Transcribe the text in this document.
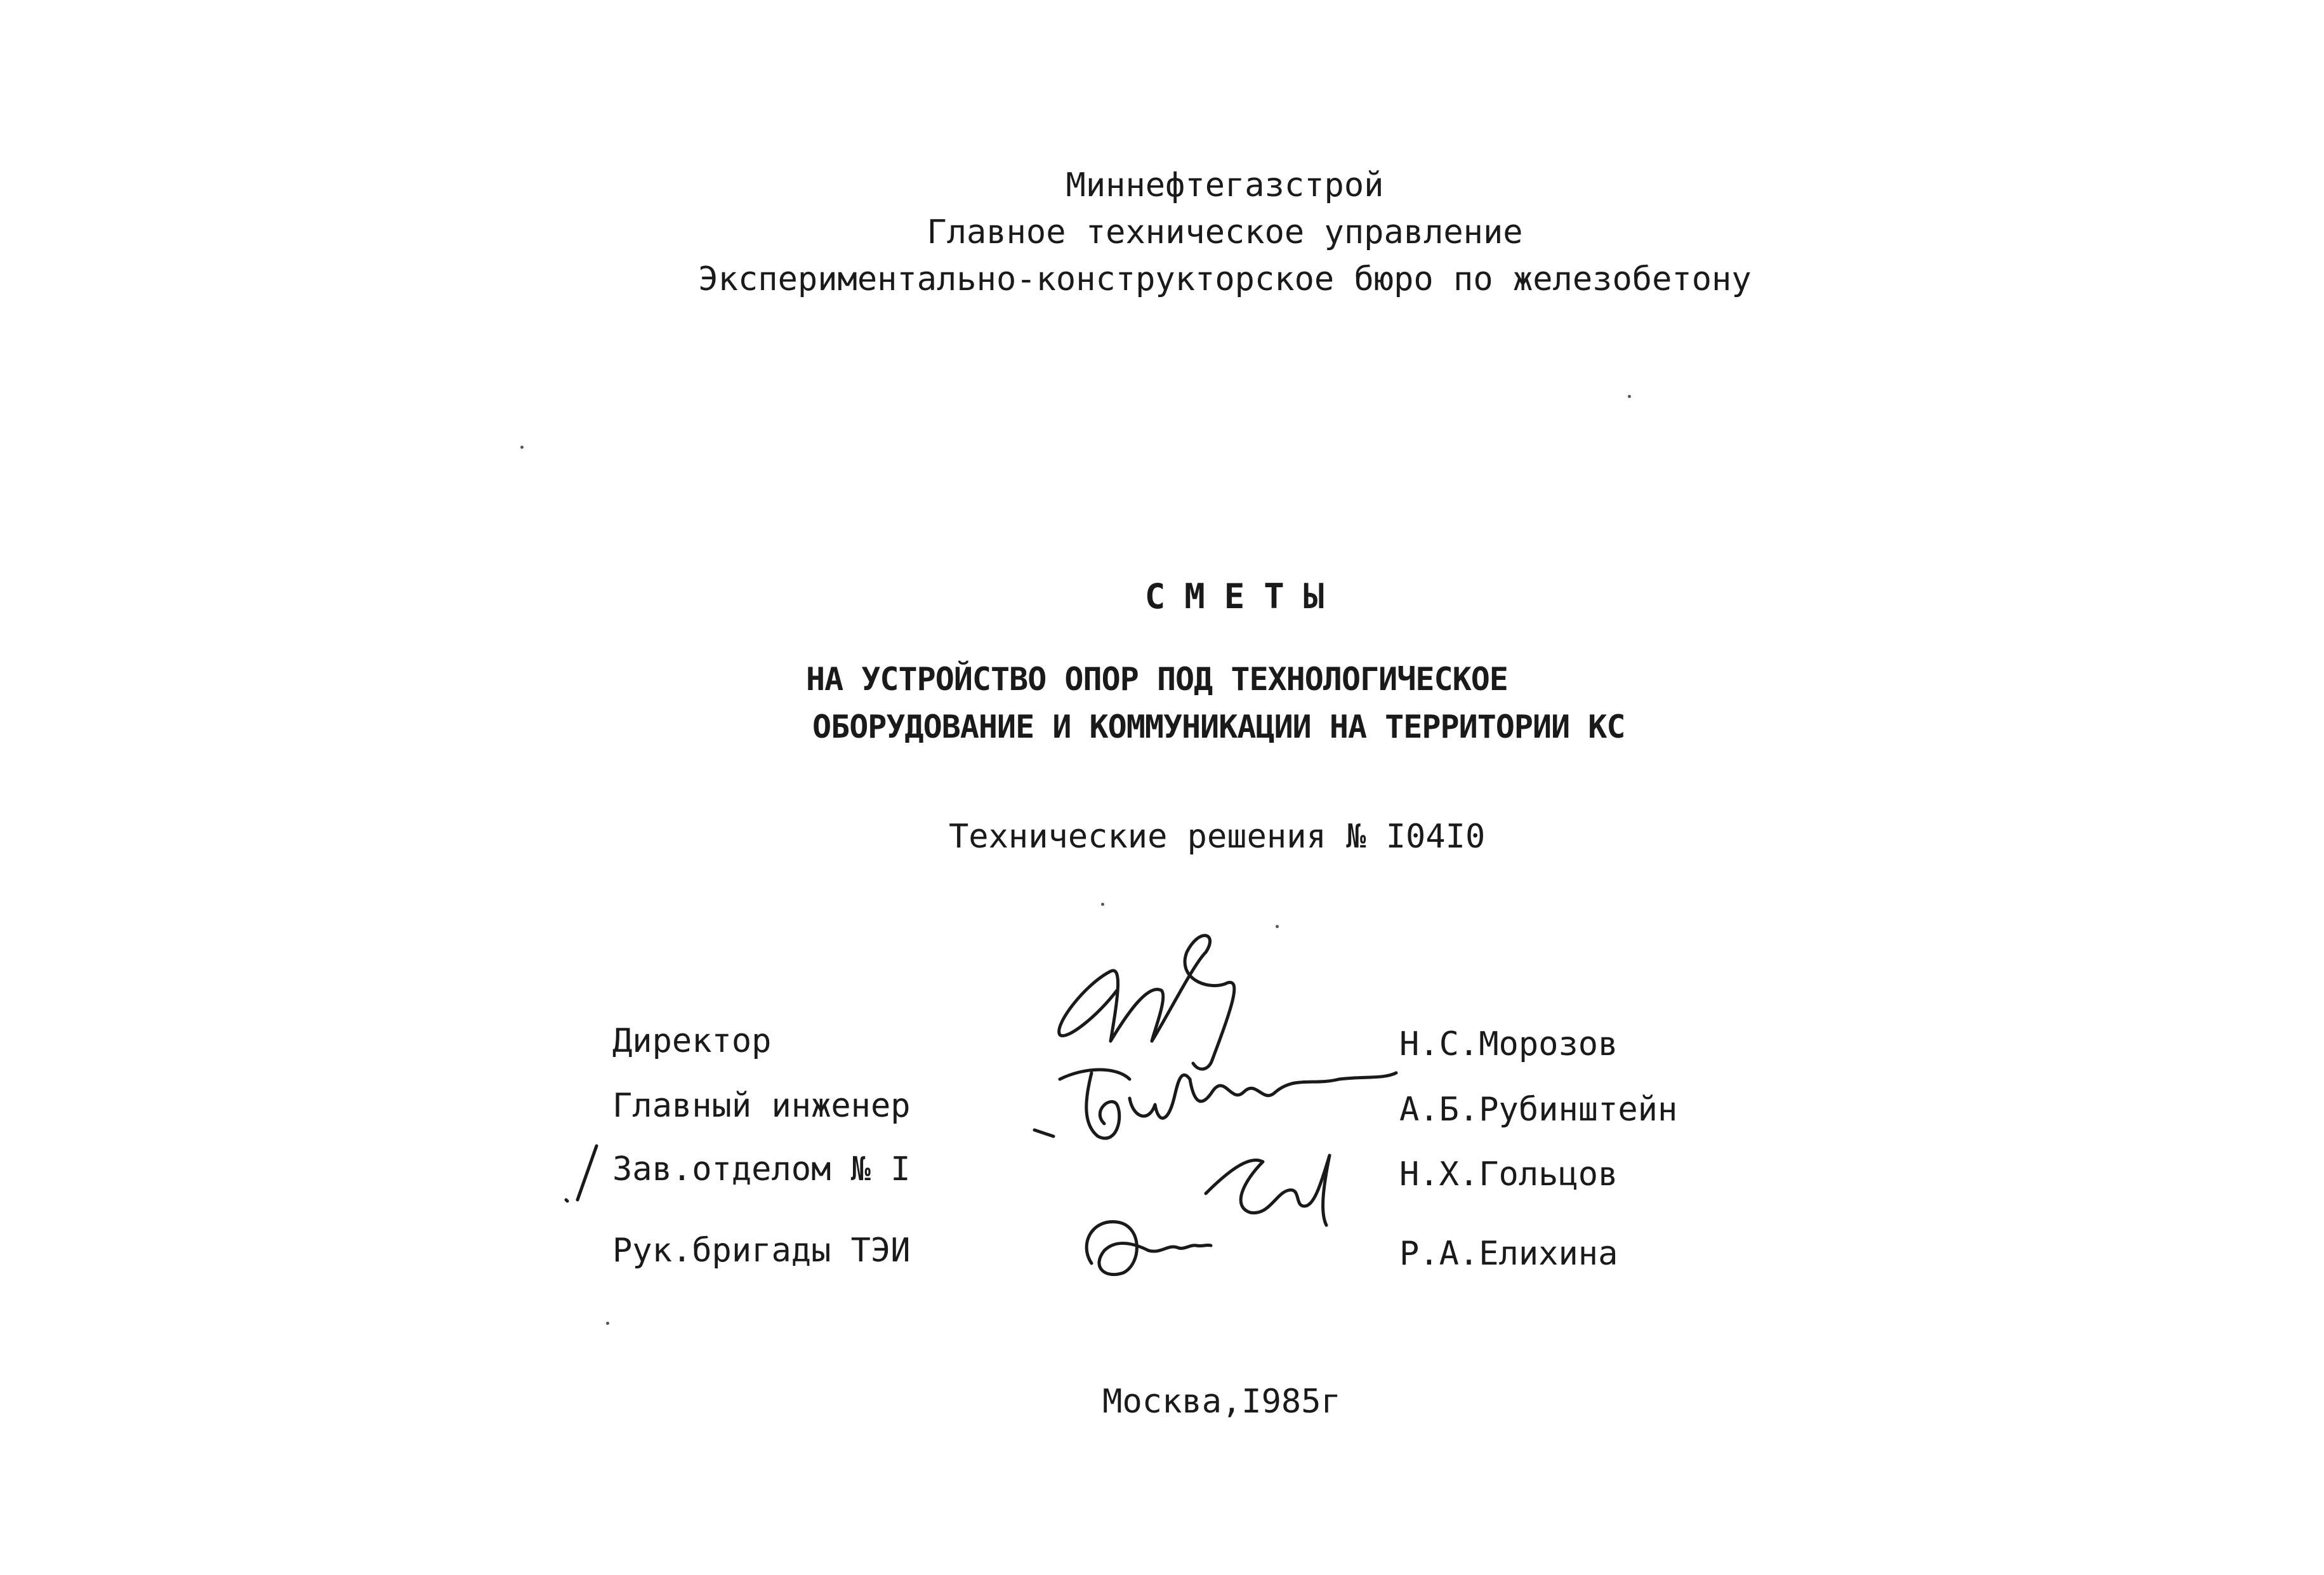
Миннефтегазстрой
Главное техническое управление
Экспериментально-конструкторское бюро по железобетону
СМЕТЫ
НА УСТРОЙСТВО ОПОР ПОД ТЕХНОЛОГИЧЕСКОЕ
ОБОРУДОВАНИЕ И КОММУНИКАЦИИ НА ТЕРРИТОРИИ КС
Технические решения № I04I0
Директор
Главный инженер
Зав.отделом № I
Рук.бригады ТЭИ
Н.С.Морозов
А.Б.Рубинштейн
Н.Х.Гольцов
Р.А.Елихина
Москва,I985г
